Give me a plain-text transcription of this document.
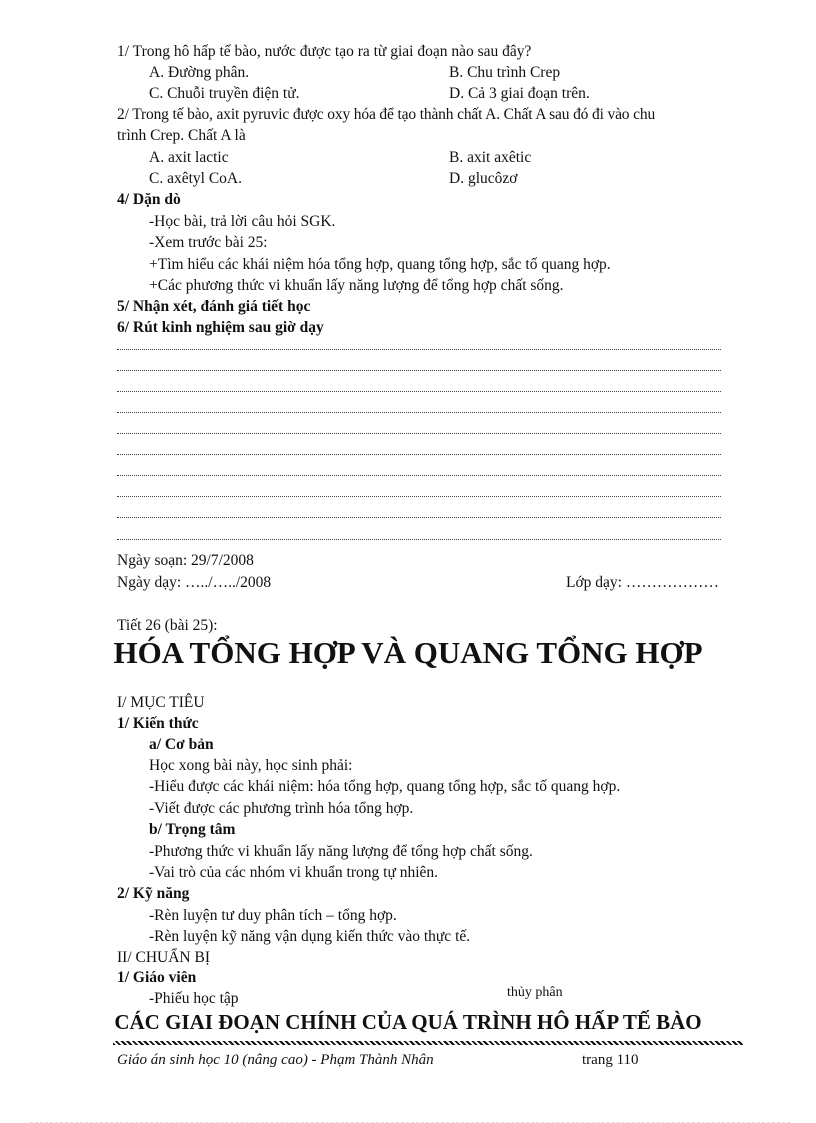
1/ Trong hô hấp tế bào, nước được tạo ra từ giai đoạn nào sau đây?
A. Đường phân.	B. Chu trình Crep
C. Chuỗi truyền điện tử.	D. Cả 3 giai đoạn trên.
2/ Trong tế bào, axit pyruvic được oxy hóa để tạo thành chất A. Chất A sau đó đi vào chu
trình Crep. Chất A là
A. axit lactic	B. axit axêtic
C. axêtyl CoA.	D. glucôzơ
4/ Dặn dò
-Học bài, trả lời câu hỏi SGK.
-Xem trước bài 25:
+Tìm hiểu các khái niệm hóa tổng hợp, quang tổng hợp, sắc tố quang hợp.
+Các phương thức vi khuẩn lấy năng lượng để tổng hợp chất sống.
5/ Nhận xét, đánh giá tiết học
6/ Rút kinh nghiệm sau giờ dạy
Ngày soạn: 29/7/2008
Ngày dạy: …../…../2008	Lớp dạy: ………………
Tiết 26 (bài 25):
HÓA TỔNG HỢP VÀ QUANG TỔNG HỢP
I/ MỤC TIÊU
1/ Kiến thức
a/ Cơ bản
Học xong bài này, học sinh phải:
-Hiểu được các khái niệm: hóa tổng hợp, quang tổng hợp, sắc tố quang hợp.
-Viết được các phương trình hóa tổng hợp.
b/ Trọng tâm
-Phương thức vi khuẩn lấy năng lượng để tổng hợp chất sống.
-Vai trò của các nhóm vi khuẩn trong tự nhiên.
2/ Kỹ năng
-Rèn luyện tư duy phân tích – tổng hợp.
-Rèn luyện kỹ năng vận dụng kiến thức vào thực tế.
II/ CHUẨN BỊ
1/ Giáo viên
-Phiếu học tập	thủy phân
CÁC GIAI ĐOẠN CHÍNH CỦA QUÁ TRÌNH HÔ HẤP TẾ BÀO
Giáo án sinh học 10 (nâng cao) - Phạm Thành Nhân	trang 110
